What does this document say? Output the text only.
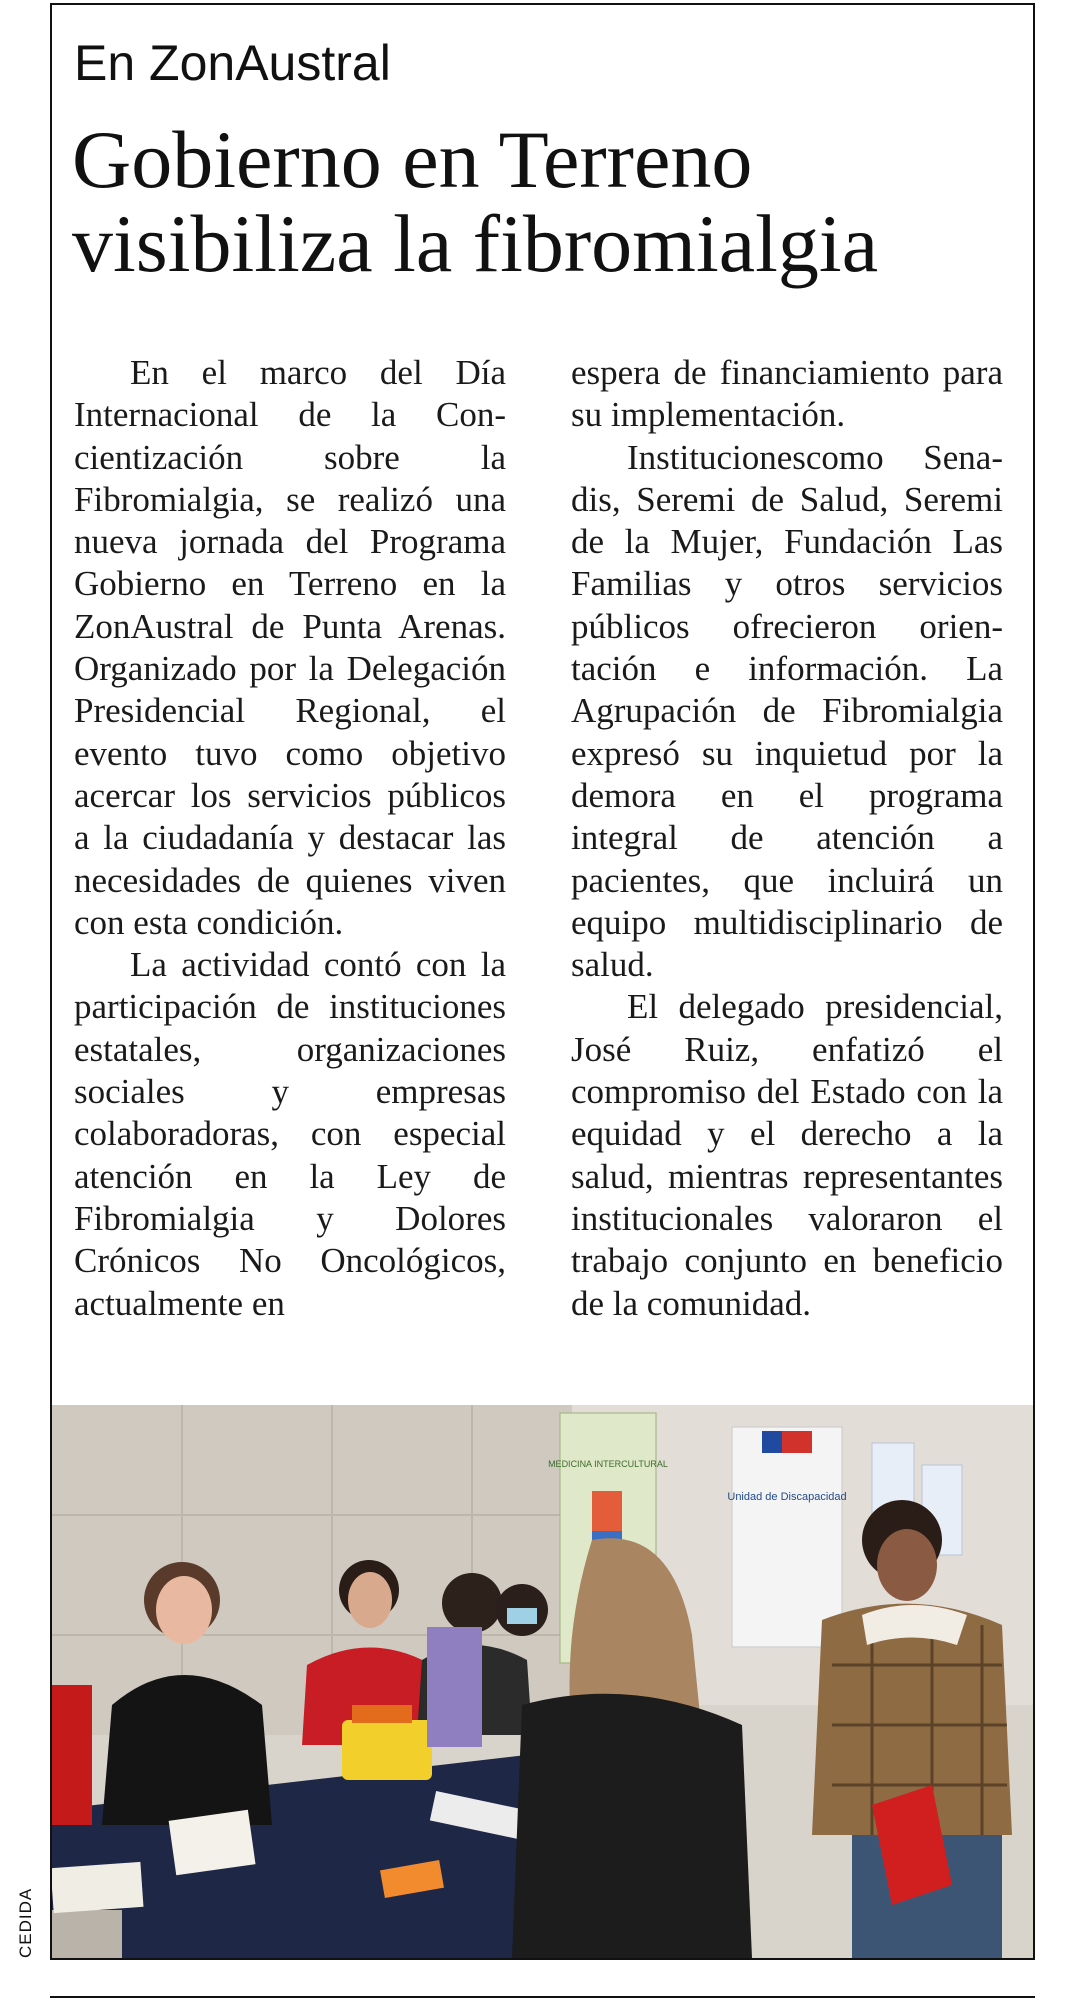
En ZonAustral
Gobierno en Terreno visibiliza la fibromialgia

En el marco del Día Internacional de la Concientización sobre la Fibromialgia, se realizó una nueva jornada del Programa Gobierno en Terreno en la ZonAustral de Punta Arenas. Organizado por la Delegación Presidencial Regional, el evento tuvo como objetivo acercar los servicios públicos a la ciudadanía y destacar las necesidades de quienes viven con esta condición.

La actividad contó con la participación de instituciones estatales, organizaciones sociales y empresas colaboradoras, con especial atención en la Ley de Fibromialgia y Dolores Crónicos No Oncológicos, actualmente en

espera de financiamiento para su implementación.

Institucionescomo Senadis, Seremi de Salud, Seremi de la Mujer, Fundación Las Familias y otros servicios públicos ofrecieron orientación e información. La Agrupación de Fibromialgia expresó su inquietud por la demora en el programa integral de atención a pacientes, que incluirá un equipo multidisciplinario de salud.

El delegado presidencial, José Ruiz, enfatizó el compromiso del Estado con la equidad y el derecho a la salud, mientras representantes institucionales valoraron el trabajo conjunto en beneficio de la comunidad.

MEDICINA INTERCULTURAL
Unidad de Discapacidad
CEDIDA
